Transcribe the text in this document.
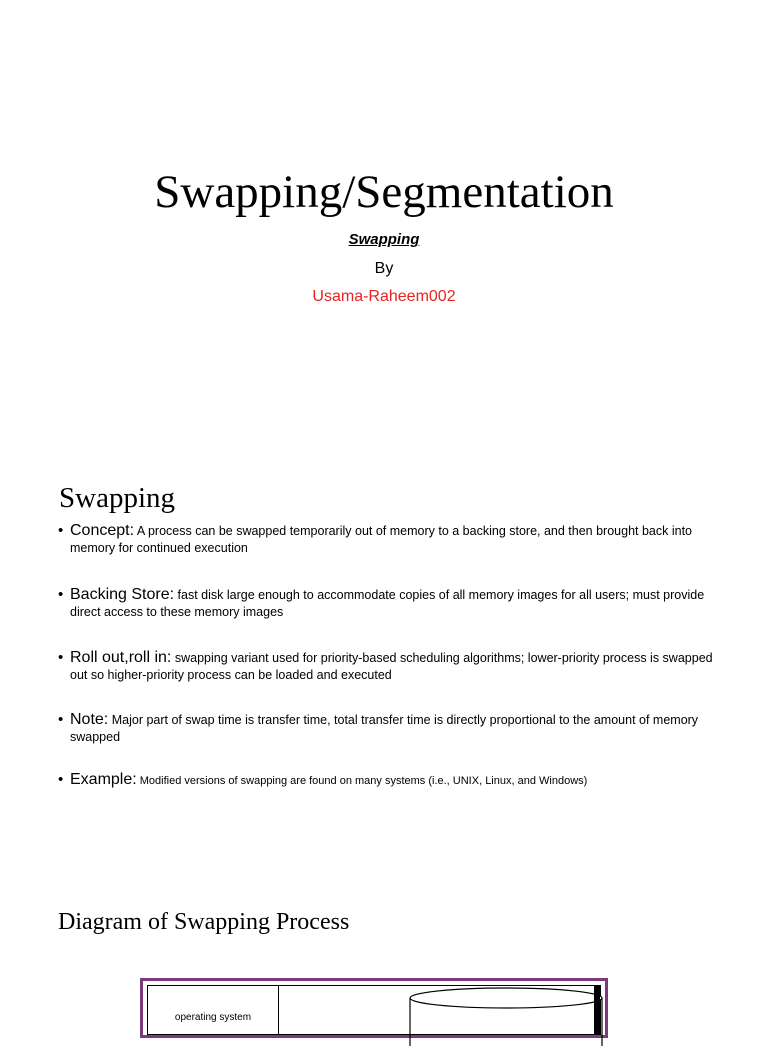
Swapping/Segmentation
Swapping
By
Usama-Raheem002
Swapping
• Concept: A process can be swapped temporarily out of memory to a backing store, and then brought back into memory for continued execution
• Backing Store: fast disk large enough to accommodate copies of all memory images for all users; must provide direct access to these memory images
• Roll out,roll in: swapping variant used for priority-based scheduling algorithms; lower-priority process is swapped out so higher-priority process can be loaded and executed
• Note: Major part of swap time is transfer time, total transfer time is directly proportional to the amount of memory swapped
• Example: Modified versions of swapping are found on many systems (i.e., UNIX, Linux, and Windows)
Diagram of Swapping Process
operating system
